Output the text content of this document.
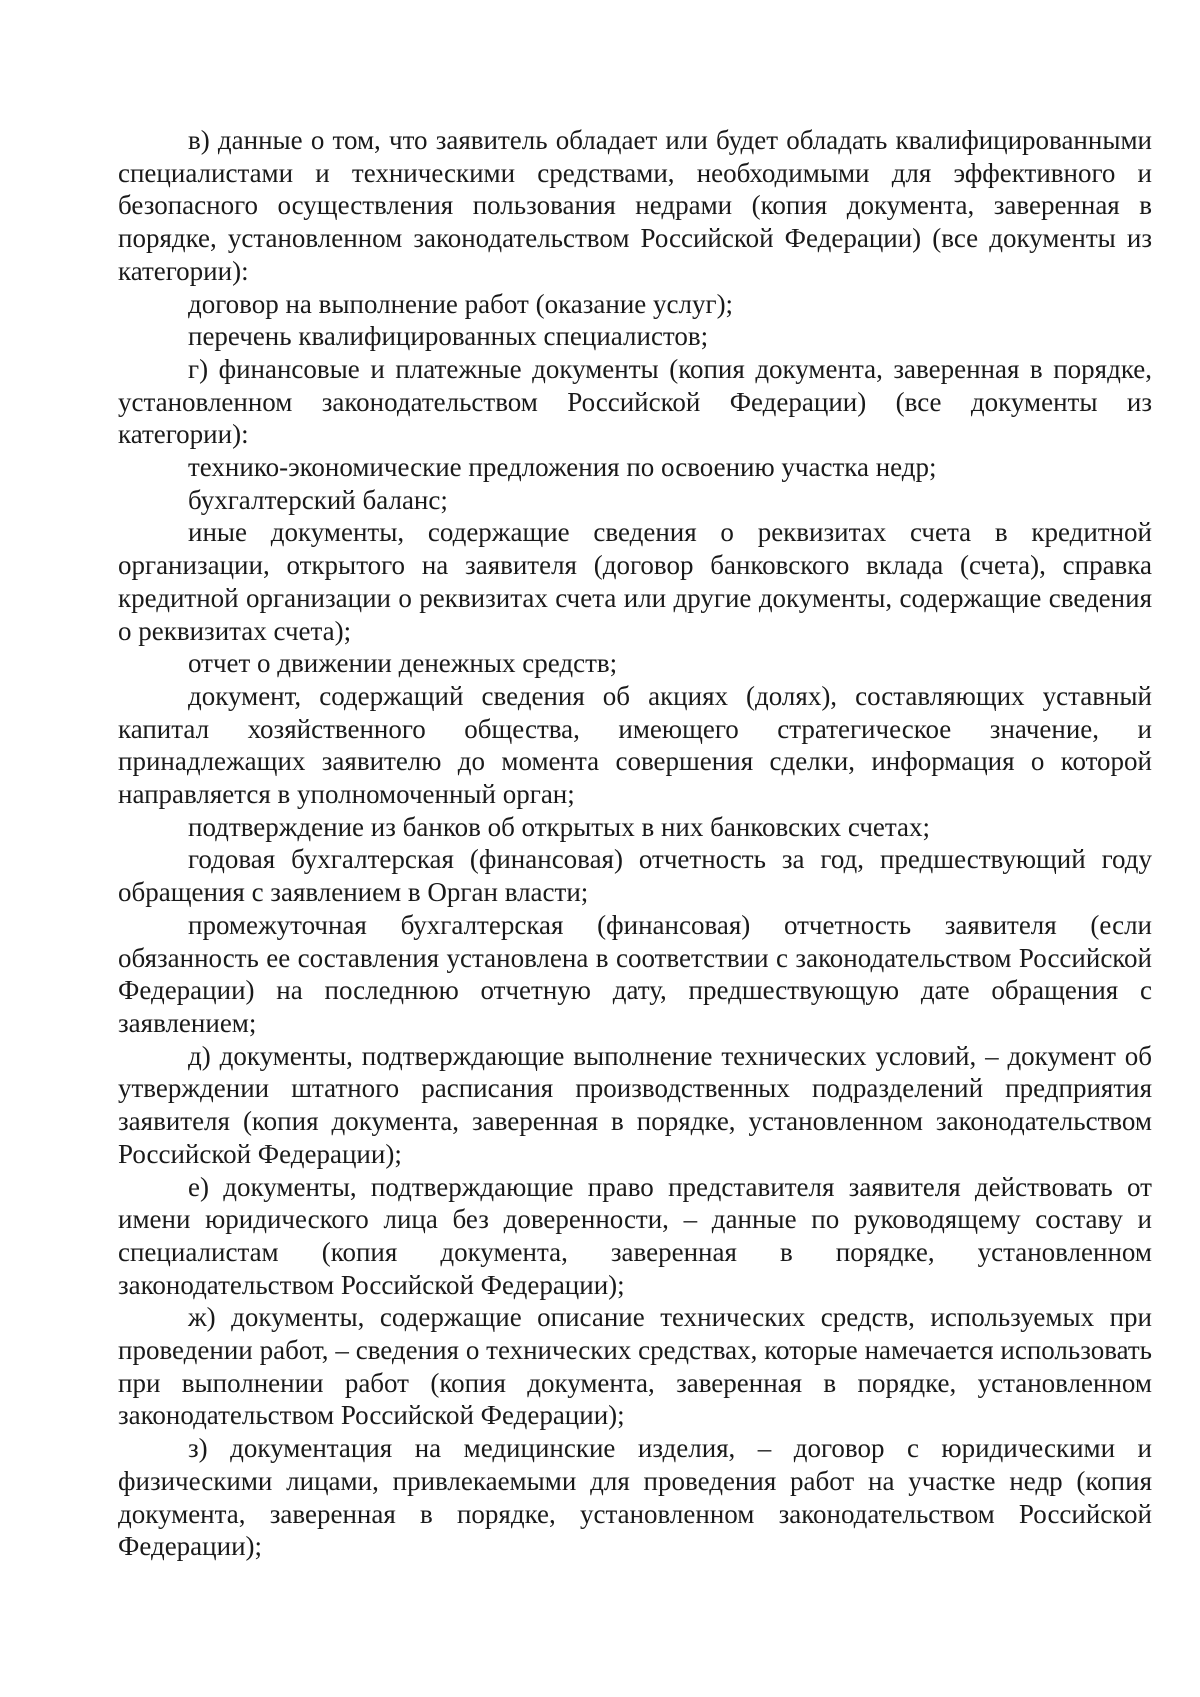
в) данные о том, что заявитель обладает или будет обладать квалифицированными специалистами и техническими средствами, необходимыми для эффективного и безопасного осуществления пользования недрами (копия документа, заверенная в порядке, установленном законодательством Российской Федерации) (все документы из категории):

договор на выполнение работ (оказание услуг);

перечень квалифицированных специалистов;

г) финансовые и платежные документы (копия документа, заверенная в порядке, установленном законодательством Российской Федерации) (все документы из категории):

технико-экономические предложения по освоению участка недр;

бухгалтерский баланс;

иные документы, содержащие сведения о реквизитах счета в кредитной организации, открытого на заявителя (договор банковского вклада (счета), справка кредитной организации о реквизитах счета или другие документы, содержащие сведения о реквизитах счета);

отчет о движении денежных средств;

документ, содержащий сведения об акциях (долях), составляющих уставный капитал хозяйственного общества, имеющего стратегическое значение, и принадлежащих заявителю до момента совершения сделки, информация о которой направляется в уполномоченный орган;

подтверждение из банков об открытых в них банковских счетах;

годовая бухгалтерская (финансовая) отчетность за год, предшествующий году обращения с заявлением в Орган власти;

промежуточная бухгалтерская (финансовая) отчетность заявителя (если обязанность ее составления установлена в соответствии с законодательством Российской Федерации) на последнюю отчетную дату, предшествующую дате обращения с заявлением;

д) документы, подтверждающие выполнение технических условий, – документ об утверждении штатного расписания производственных подразделений предприятия заявителя (копия документа, заверенная в порядке, установленном законодательством Российской Федерации);

е) документы, подтверждающие право представителя заявителя действовать от имени юридического лица без доверенности, – данные по руководящему составу и специалистам (копия документа, заверенная в порядке, установленном законодательством Российской Федерации);

ж) документы, содержащие описание технических средств, используемых при проведении работ, – сведения о технических средствах, которые намечается использовать при выполнении работ (копия документа, заверенная в порядке, установленном законодательством Российской Федерации);

з) документация на медицинские изделия, – договор с юридическими и физическими лицами, привлекаемыми для проведения работ на участке недр (копия документа, заверенная в порядке, установленном законодательством Российской Федерации);
